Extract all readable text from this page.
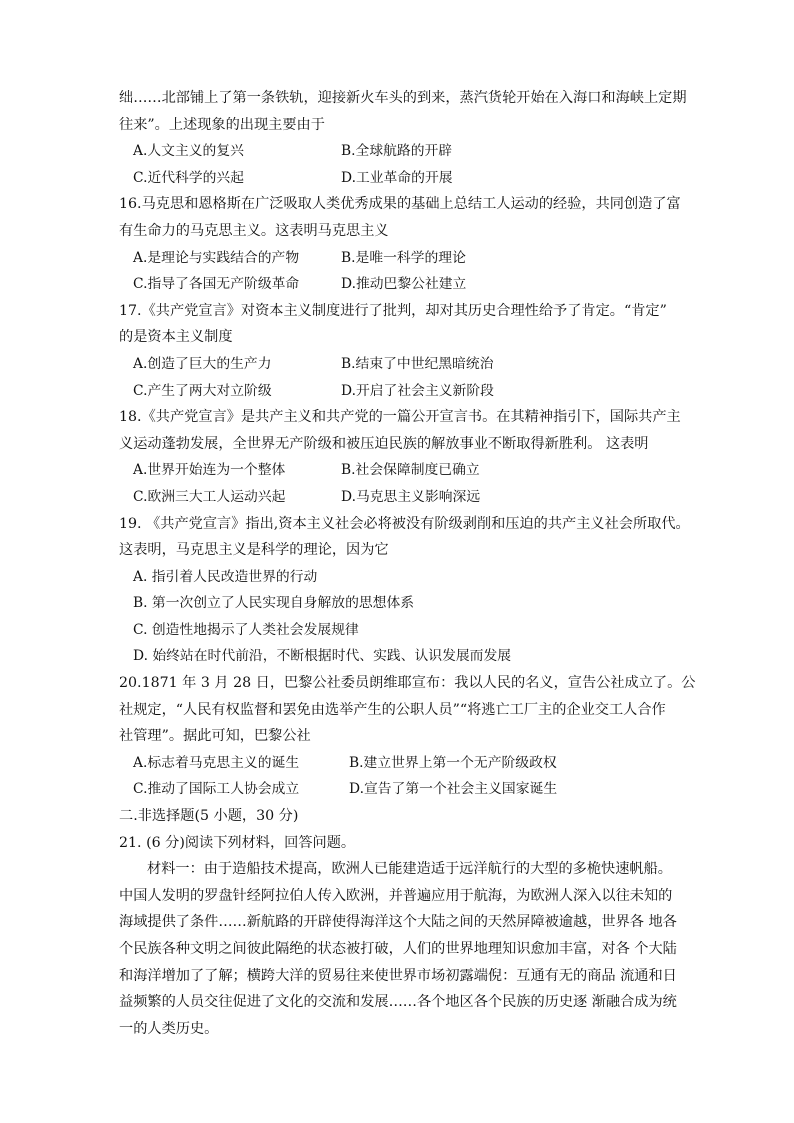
绌……北部铺上了第一条铁轨，迎接新火车头的到来，蒸汽货轮开始在入海口和海峡上定期
往来”。上述现象的出现主要由于
A.人文主义的复兴	B.全球航路的开辟
C.近代科学的兴起	D.工业革命的开展
16.马克思和恩格斯在广泛吸取人类优秀成果的基础上总结工人运动的经验，共同创造了富
有生命力的马克思主义。这表明马克思主义
A.是理论与实践结合的产物	B.是唯一科学的理论
C.指导了各国无产阶级革命	D.推动巴黎公社建立
17.《共产党宣言》对资本主义制度进行了批判，却对其历史合理性给予了肯定。“肯定”
的是资本主义制度
A.创造了巨大的生产力	B.结束了中世纪黑暗统治
C.产生了两大对立阶级	D.开启了社会主义新阶段
18.《共产党宣言》是共产主义和共产党的一篇公开宣言书。在其精神指引下，国际共产主
义运动蓬勃发展，全世界无产阶级和被压迫民族的解放事业不断取得新胜利。 这表明
A.世界开始连为一个整体	B.社会保障制度已确立
C.欧洲三大工人运动兴起	D.马克思主义影响深远
19. 《共产党宣言》指出,资本主义社会必将被没有阶级剥削和压迫的共产主义社会所取代。
这表明，马克思主义是科学的理论，因为它
A. 指引着人民改造世界的行动
B. 第一次创立了人民实现自身解放的思想体系
C. 创造性地揭示了人类社会发展规律
D. 始终站在时代前沿，不断根据时代、实践、认识发展而发展
20.1871 年 3 月 28 日，巴黎公社委员朗维耶宣布：我以人民的名义，宣告公社成立了。公
社规定，“人民有权监督和罢免由选举产生的公职人员”“将逃亡工厂主的企业交工人合作
社管理”。据此可知，巴黎公社
A.标志着马克思主义的诞生	B.建立世界上第一个无产阶级政权
C.推动了国际工人协会成立	D.宣告了第一个社会主义国家诞生
二.非选择题(5 小题，30 分)
21. (6 分)阅读下列材料，回答问题。
材料一：由于造船技术提高，欧洲人已能建造适于远洋航行的大型的多桅快速帆船。中国人发明的罗盘针经阿拉伯人传入欧洲，并普遍应用于航海，为欧洲人深入以往未知的海域提供了条件……新航路的开辟使得海洋这个大陆之间的天然屏障被逾越，世界各 地各个民族各种文明之间彼此隔绝的状态被打破，人们的世界地理知识愈加丰富，对各 个大陆和海洋增加了了解；横跨大洋的贸易往来使世界市场初露端倪：互通有无的商品 流通和日益频繁的人员交往促进了文化的交流和发展……各个地区各个民族的历史逐 渐融合成为统一的人类历史。
